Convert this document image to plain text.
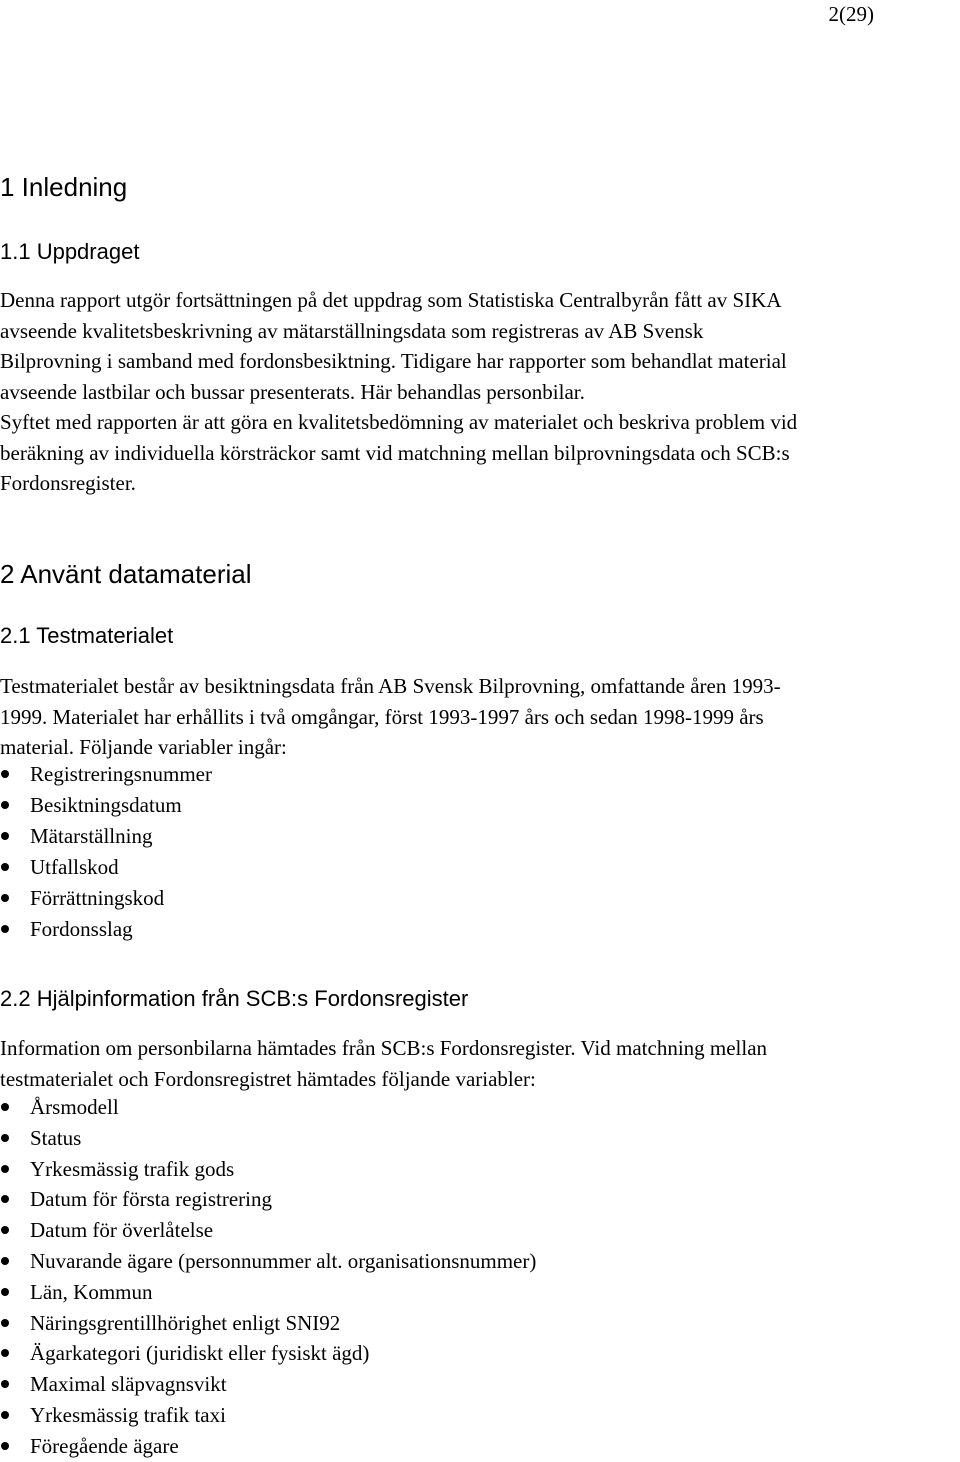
2(29)

1 Inledning
1.1 Uppdraget

Denna rapport utgör fortsättningen på det uppdrag som Statistiska Centralbyrån fått av SIKA
avseende kvalitetsbeskrivning av mätarställningsdata som registreras av AB Svensk
Bilprovning i samband med fordonsbesiktning. Tidigare har rapporter som behandlat material
avseende lastbilar och bussar presenterats. Här behandlas personbilar.
Syftet med rapporten är att göra en kvalitetsbedömning av materialet och beskriva problem vid
beräkning av individuella körsträckor samt vid matchning mellan bilprovningsdata och SCB:s
Fordonsregister.

2 Använt datamaterial
2.1 Testmaterialet

Testmaterialet består av besiktningsdata från AB Svensk Bilprovning, omfattande åren 1993-
1999. Materialet har erhållits i två omgångar, först 1993-1997 års och sedan 1998-1999 års
material. Följande variabler ingår:

Registreringsnummer
Besiktningsdatum
Mätarställning
Utfallskod
Förrättningskod
Fordonsslag
2.2 Hjälpinformation från SCB:s Fordonsregister

Information om personbilarna hämtades från SCB:s Fordonsregister. Vid matchning mellan
testmaterialet och Fordonsregistret hämtades följande variabler:

Årsmodell
Status
Yrkesmässig trafik gods
Datum för första registrering
Datum för överlåtelse
Nuvarande ägare (personnummer alt. organisationsnummer)
Län, Kommun
Näringsgrentillhörighet enligt SNI92
Ägarkategori (juridiskt eller fysiskt ägd)
Maximal släpvagnsvikt
Yrkesmässig trafik taxi
Föregående ägare
